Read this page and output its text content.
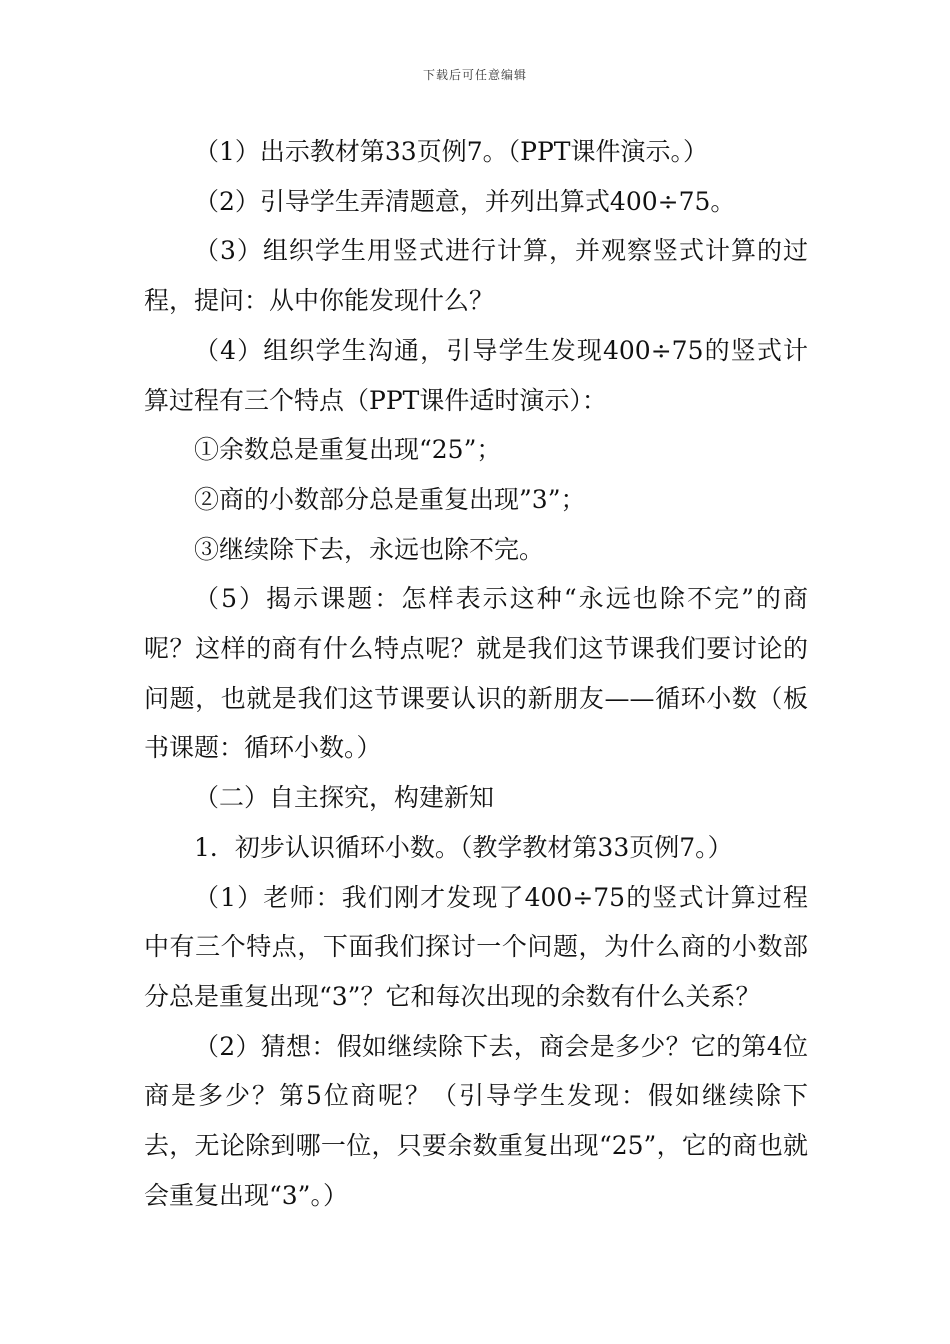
下载后可任意编辑

（1）出示教材第33页例7。（PPT课件演示。）

（2）引导学生弄清题意，并列出算式400÷75。

（3）组织学生用竖式进行计算，并观察竖式计算的过程，提问：从中你能发现什么？

（4）组织学生沟通，引导学生发现400÷75的竖式计算过程有三个特点（PPT课件适时演示）：

①余数总是重复出现“25”；

②商的小数部分总是重复出现”3”；

③继续除下去，永远也除不完。

（5）揭示课题：怎样表示这种“永远也除不完”的商呢？这样的商有什么特点呢？就是我们这节课我们要讨论的问题，也就是我们这节课要认识的新朋友——循环小数（板书课题：循环小数。）

（二）自主探究，构建新知

1．初步认识循环小数。（教学教材第33页例7。）

（1）老师：我们刚才发现了400÷75的竖式计算过程中有三个特点，下面我们探讨一个问题，为什么商的小数部分总是重复出现“3”？它和每次出现的余数有什么关系？

（2）猜想：假如继续除下去，商会是多少？它的第4位商是多少？第5位商呢？（引导学生发现：假如继续除下去，无论除到哪一位，只要余数重复出现“25”，它的商也就会重复出现“3”。）
